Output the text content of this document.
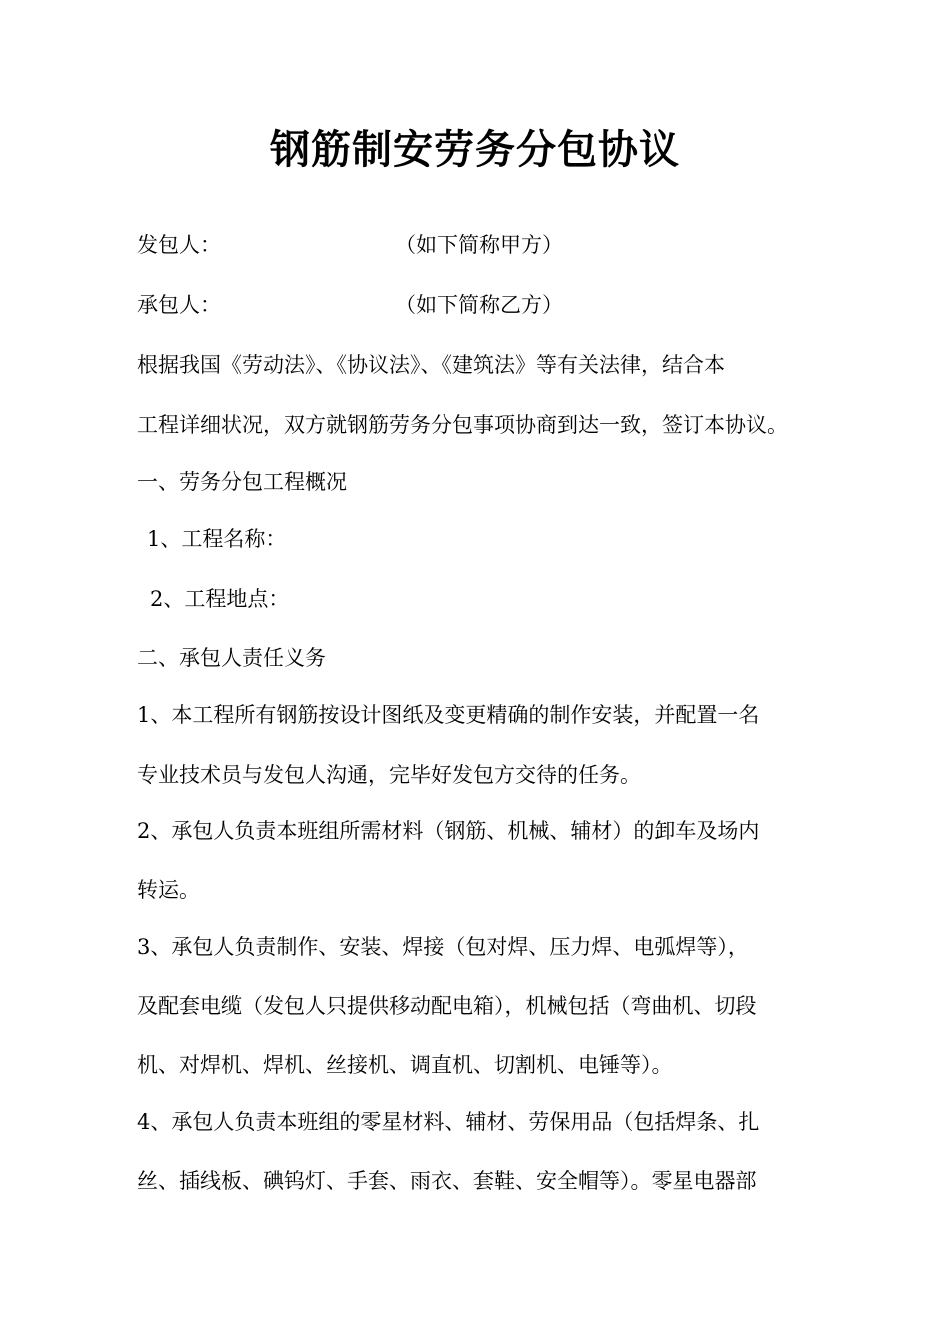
钢筋制安劳务分包协议
发包人：	（如下简称甲方）
承包人：	（如下简称乙方）
根据我国《劳动法》、《协议法》、《建筑法》等有关法律，结合本
工程详细状况，双方就钢筋劳务分包事项协商到达一致，签订本协议。
一、劳务分包工程概况
1、工程名称：
2、工程地点：
二、承包人责任义务
1、本工程所有钢筋按设计图纸及变更精确的制作安装，并配置一名
专业技术员与发包人沟通，完毕好发包方交待的任务。
2、承包人负责本班组所需材料（钢筋、机械、辅材）的卸车及场内
转运。
3、承包人负责制作、安装、焊接（包对焊、压力焊、电弧焊等），
及配套电缆（发包人只提供移动配电箱），机械包括（弯曲机、切段
机、对焊机、焊机、丝接机、调直机、切割机、电锤等）。
4、承包人负责本班组的零星材料、辅材、劳保用品（包括焊条、扎
丝、插线板、碘钨灯、手套、雨衣、套鞋、安全帽等）。零星电器部
